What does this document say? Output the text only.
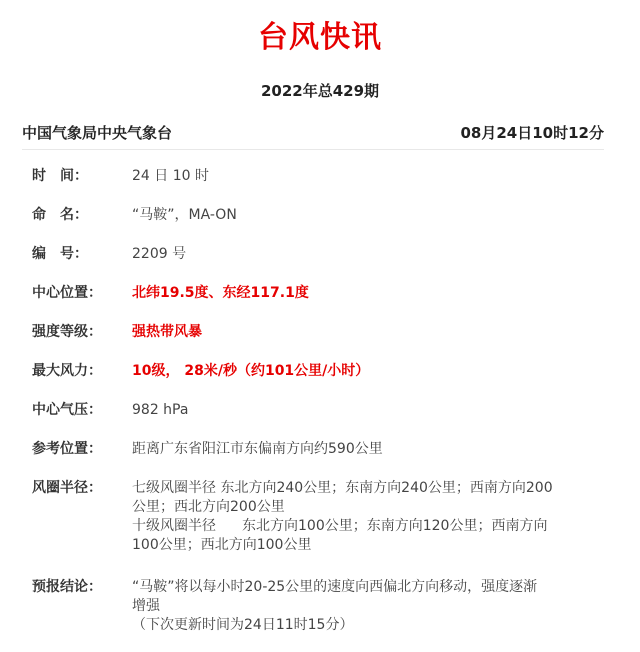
台风快讯
2022年总429期
中国气象局中央气象台	08月24日10时12分
时　间：	24 日 10 时
命　名：	“马鞍”，MA-ON
编　号：	2209 号
中心位置：	北纬19.5度、东经117.1度
强度等级：	强热带风暴
最大风力：	10级， 28米/秒（约101公里/小时）
中心气压：	982 hPa
参考位置：	距离广东省阳江市东偏南方向约590公里
风圈半径：	七级风圈半径 东北方向240公里；东南方向240公里；西南方向200
公里；西北方向200公里
十级风圈半径 东北方向100公里；东南方向120公里；西南方向
100公里；西北方向100公里
预报结论：	“马鞍”将以每小时20-25公里的速度向西偏北方向移动，强度逐渐
增强
（下次更新时间为24日11时15分）
